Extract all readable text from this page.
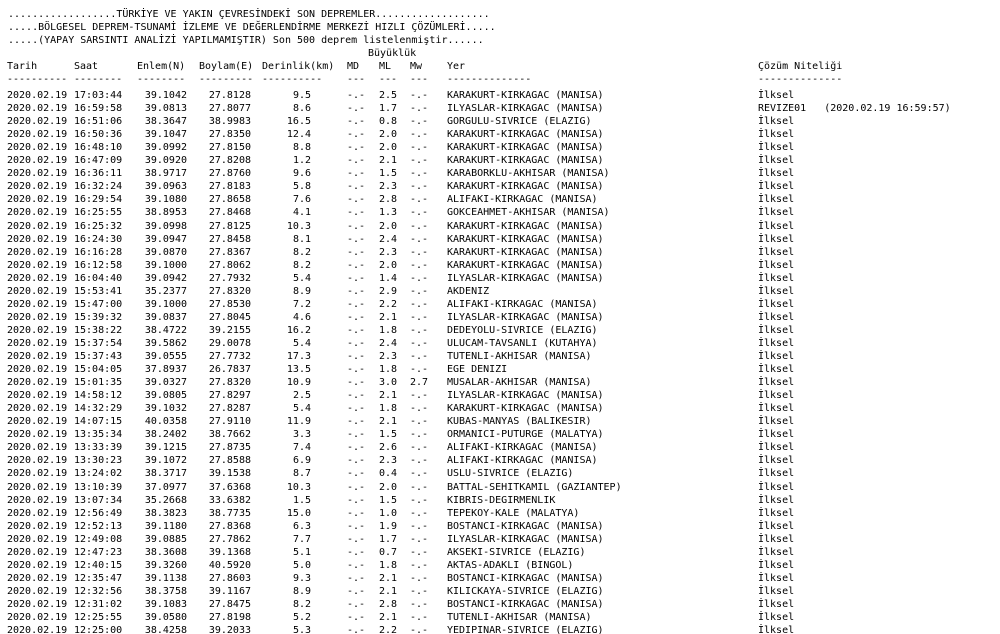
..................TÜRKİYE VE YAKIN ÇEVRESİNDEKİ SON DEPREMLER...................
.....BÖLGESEL DEPREM-TSUNAMİ İZLEME VE DEĞERLENDİRME MERKEZİ HIZLI ÇÖZÜMLERİ.....
.....(YAPAY SARSINTI ANALİZİ YAPILMAMIŞTIR) Son 500 deprem listelenmiştir......
Büyüklük
Tarih	Saat	Enlem(N) Boylam(E) Derinlik(km) MD ML Mw Yer	Çözüm Niteliği
---------- -------- -------- --------- ---------- --- --- --- --------------	--------------
2020.02.19 17:03:44	39.1042	27.8128	9.5	-.- 2.5 -.- KARAKURT-KIRKAGAC (MANISA)	İlksel
2020.02.19 16:59:58	39.0813	27.8077	8.6	-.- 1.7 -.- ILYASLAR-KIRKAGAC (MANISA)	REVIZE01   (2020.02.19 16:59:57)
2020.02.19 16:51:06	38.3647	38.9983	16.5	-.- 0.8 -.- GORGULU-SIVRICE (ELAZIG)	İlksel
2020.02.19 16:50:36	39.1047	27.8350	12.4	-.- 2.0 -.- KARAKURT-KIRKAGAC (MANISA)	İlksel
2020.02.19 16:48:10	39.0992	27.8150	8.8	-.- 2.0 -.- KARAKURT-KIRKAGAC (MANISA)	İlksel
2020.02.19 16:47:09	39.0920	27.8208	1.2	-.- 2.1 -.- KARAKURT-KIRKAGAC (MANISA)	İlksel
2020.02.19 16:36:11	38.9717	27.8760	9.6	-.- 1.5 -.- KARABORKLU-AKHISAR (MANISA)	İlksel
2020.02.19 16:32:24	39.0963	27.8183	5.8	-.- 2.3 -.- KARAKURT-KIRKAGAC (MANISA)	İlksel
2020.02.19 16:29:54	39.1080	27.8658	7.6	-.- 2.8 -.- ALIFAKI-KIRKAGAC (MANISA)	İlksel
2020.02.19 16:25:55	38.8953	27.8468	4.1	-.- 1.3 -.- GOKCEAHMET-AKHISAR (MANISA)	İlksel
2020.02.19 16:25:32	39.0998	27.8125	10.3	-.- 2.0 -.- KARAKURT-KIRKAGAC (MANISA)	İlksel
2020.02.19 16:24:30	39.0947	27.8458	8.1	-.- 2.4 -.- KARAKURT-KIRKAGAC (MANISA)	İlksel
2020.02.19 16:16:28	39.0870	27.8367	8.2	-.- 2.3 -.- KARAKURT-KIRKAGAC (MANISA)	İlksel
2020.02.19 16:12:58	39.1000	27.8062	8.2	-.- 2.0 -.- KARAKURT-KIRKAGAC (MANISA)	İlksel
2020.02.19 16:04:40	39.0942	27.7932	5.4	-.- 1.4 -.- ILYASLAR-KIRKAGAC (MANISA)	İlksel
2020.02.19 15:53:41	35.2377	27.8320	8.9	-.- 2.9 -.- AKDENIZ	İlksel
2020.02.19 15:47:00	39.1000	27.8530	7.2	-.- 2.2 -.- ALIFAKI-KIRKAGAC (MANISA)	İlksel
2020.02.19 15:39:32	39.0837	27.8045	4.6	-.- 2.1 -.- ILYASLAR-KIRKAGAC (MANISA)	İlksel
2020.02.19 15:38:22	38.4722	39.2155	16.2	-.- 1.8 -.- DEDEYOLU-SIVRICE (ELAZIG)	İlksel
2020.02.19 15:37:54	39.5862	29.0078	5.4	-.- 2.4 -.- ULUCAM-TAVSANLI (KUTAHYA)	İlksel
2020.02.19 15:37:43	39.0555	27.7732	17.3	-.- 2.3 -.- TUTENLI-AKHISAR (MANISA)	İlksel
2020.02.19 15:04:05	37.8937	26.7837	13.5	-.- 1.8 -.- EGE DENIZI	İlksel
2020.02.19 15:01:35	39.0327	27.8320	10.9	-.- 3.0 2.7 MUSALAR-AKHISAR (MANISA)	İlksel
2020.02.19 14:58:12	39.0805	27.8297	2.5	-.- 2.1 -.- ILYASLAR-KIRKAGAC (MANISA)	İlksel
2020.02.19 14:32:29	39.1032	27.8287	5.4	-.- 1.8 -.- KARAKURT-KIRKAGAC (MANISA)	İlksel
2020.02.19 14:07:15	40.0358	27.9110	11.9	-.- 2.1 -.- KUBAS-MANYAS (BALIKESIR)	İlksel
2020.02.19 13:35:34	38.2402	38.7662	3.3	-.- 1.5 -.- ORMANICI-PUTURGE (MALATYA)	İlksel
2020.02.19 13:33:39	39.1215	27.8735	7.4	-.- 2.6 -.- ALIFAKI-KIRKAGAC (MANISA)	İlksel
2020.02.19 13:30:23	39.1072	27.8588	6.9	-.- 2.3 -.- ALIFAKI-KIRKAGAC (MANISA)	İlksel
2020.02.19 13:24:02	38.3717	39.1538	8.7	-.- 0.4 -.- USLU-SIVRICE (ELAZIG)	İlksel
2020.02.19 13:10:39	37.0977	37.6368	10.3	-.- 2.0 -.- BATTAL-SEHITKAMIL (GAZIANTEP)	İlksel
2020.02.19 13:07:34	35.2668	33.6382	1.5	-.- 1.5 -.- KIBRIS-DEGIRMENLIK	İlksel
2020.02.19 12:56:49	38.3823	38.7735	15.0	-.- 1.0 -.- TEPEKOY-KALE (MALATYA)	İlksel
2020.02.19 12:52:13	39.1180	27.8368	6.3	-.- 1.9 -.- BOSTANCI-KIRKAGAC (MANISA)	İlksel
2020.02.19 12:49:08	39.0885	27.7862	7.7	-.- 1.7 -.- ILYASLAR-KIRKAGAC (MANISA)	İlksel
2020.02.19 12:47:23	38.3608	39.1368	5.1	-.- 0.7 -.- AKSEKI-SIVRICE (ELAZIG)	İlksel
2020.02.19 12:40:15	39.3260	40.5920	5.0	-.- 1.8 -.- AKTAS-ADAKLI (BINGOL)	İlksel
2020.02.19 12:35:47	39.1138	27.8603	9.3	-.- 2.1 -.- BOSTANCI-KIRKAGAC (MANISA)	İlksel
2020.02.19 12:32:56	38.3758	39.1167	8.9	-.- 2.1 -.- KILICKAYA-SIVRICE (ELAZIG)	İlksel
2020.02.19 12:31:02	39.1083	27.8475	8.2	-.- 2.8 -.- BOSTANCI-KIRKAGAC (MANISA)	İlksel
2020.02.19 12:25:55	39.0580	27.8198	5.2	-.- 2.1 -.- TUTENLI-AKHISAR (MANISA)	İlksel
2020.02.19 12:25:00	38.4258	39.2033	5.3	-.- 2.2 -.- YEDIPINAR-SIVRICE (ELAZIG)	İlksel
